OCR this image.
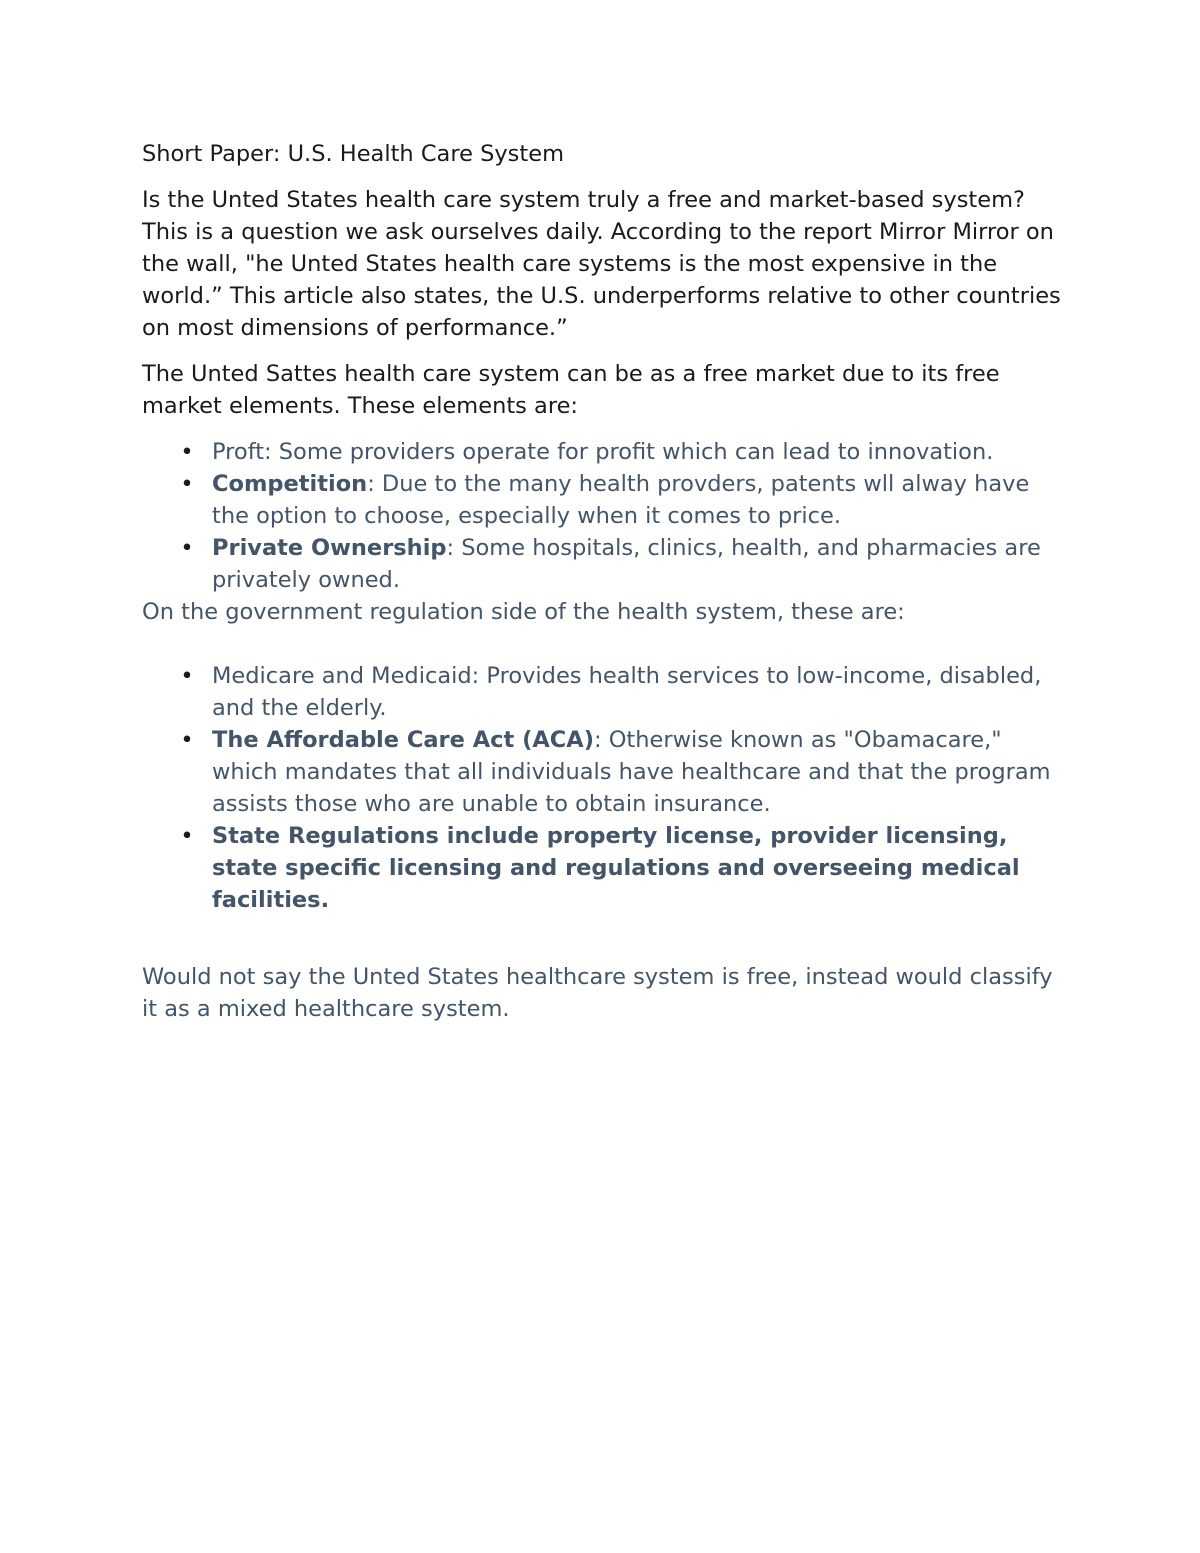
Short Paper: U.S. Health Care System

Is the Unted States health care system truly a free and market-based system? This is a question we ask ourselves daily. According to the report Mirror Mirror on the wall, "he Unted States health care systems is the most expensive in the world.” This article also states, the U.S. underperforms relative to other countries on most dimensions of performance.”

The Unted Sattes health care system can be as a free market due to its free market elements. These elements are:

• Proft: Some providers operate for profit which can lead to innovation.
• Competition: Due to the many health provders, patents wll alway have the option to choose, especially when it comes to price.
• Private Ownership: Some hospitals, clinics, health, and pharmacies are privately owned.

On the government regulation side of the health system, these are:

• Medicare and Medicaid: Provides health services to low-income, disabled, and the elderly.
• The Affordable Care Act (ACA): Otherwise known as "Obamacare," which mandates that all individuals have healthcare and that the program assists those who are unable to obtain insurance.
• State Regulations include property license, provider licensing, state specific licensing and regulations and overseeing medical facilities.

Would not say the Unted States healthcare system is free, instead would classify it as a mixed healthcare system.
